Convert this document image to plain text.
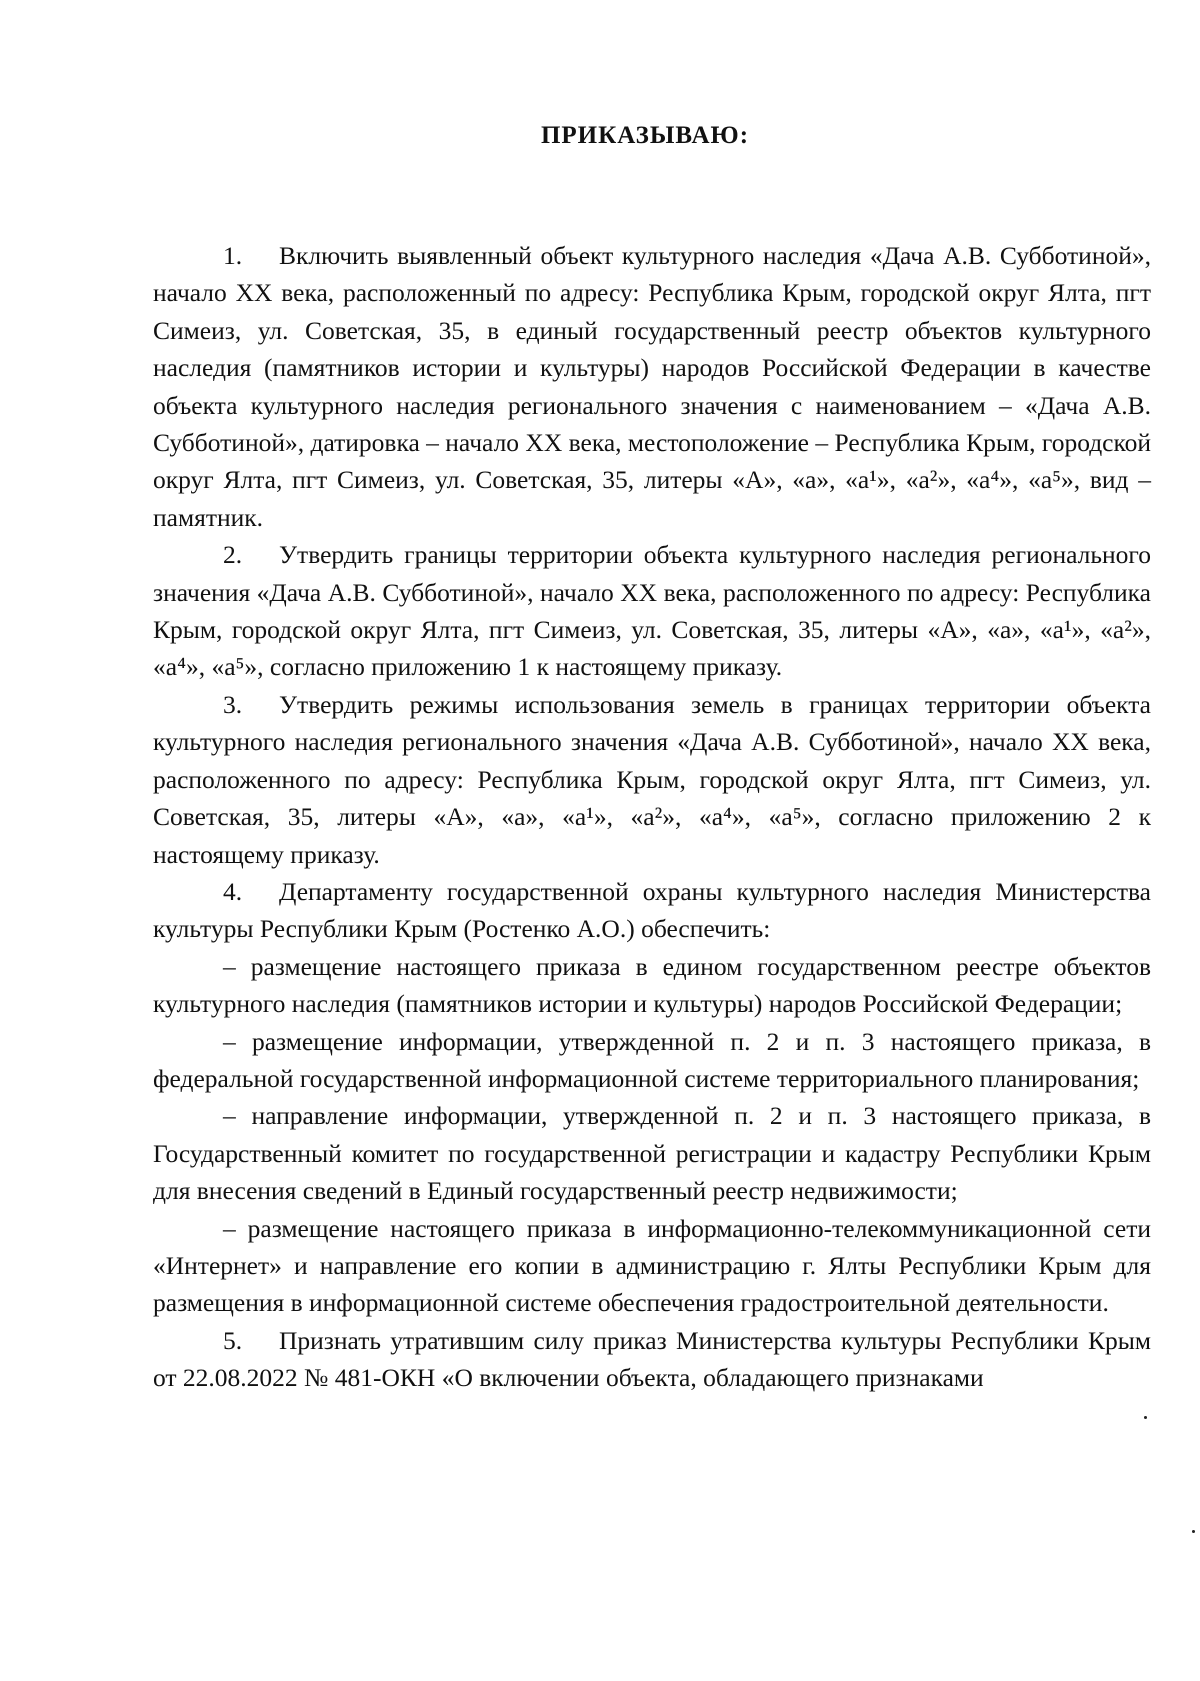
ПРИКАЗЫВАЮ:

1. Включить выявленный объект культурного наследия «Дача А.В. Субботиной», начало XX века, расположенный по адресу: Республика Крым, городской округ Ялта, пгт Симеиз, ул. Советская, 35, в единый государственный реестр объектов культурного наследия (памятников истории и культуры) народов Российской Федерации в качестве объекта культурного наследия регионального значения с наименованием – «Дача А.В. Субботиной», датировка – начало XX века, местоположение – Республика Крым, городской округ Ялта, пгт Симеиз, ул. Советская, 35, литеры «А», «а», «а¹», «а²», «а⁴», «а⁵», вид – памятник.

2. Утвердить границы территории объекта культурного наследия регионального значения «Дача А.В. Субботиной», начало XX века, расположенного по адресу: Республика Крым, городской округ Ялта, пгт Симеиз, ул. Советская, 35, литеры «А», «а», «а¹», «а²», «а⁴», «а⁵», согласно приложению 1 к настоящему приказу.

3. Утвердить режимы использования земель в границах территории объекта культурного наследия регионального значения «Дача А.В. Субботиной», начало XX века, расположенного по адресу: Республика Крым, городской округ Ялта, пгт Симеиз, ул. Советская, 35, литеры «А», «а», «а¹», «а²», «а⁴», «а⁵», согласно приложению 2 к настоящему приказу.

4. Департаменту государственной охраны культурного наследия Министерства культуры Республики Крым (Ростенко А.О.) обеспечить:

– размещение настоящего приказа в едином государственном реестре объектов культурного наследия (памятников истории и культуры) народов Российской Федерации;

– размещение информации, утвержденной п. 2 и п. 3 настоящего приказа, в федеральной государственной информационной системе территориального планирования;

– направление информации, утвержденной п. 2 и п. 3 настоящего приказа, в Государственный комитет по государственной регистрации и кадастру Республики Крым для внесения сведений в Единый государственный реестр недвижимости;

– размещение настоящего приказа в информационно-телекоммуникационной сети «Интернет» и направление его копии в администрацию г. Ялты Республики Крым для размещения в информационной системе обеспечения градостроительной деятельности.

5. Признать утратившим силу приказ Министерства культуры Республики Крым от 22.08.2022 № 481-ОКН «О включении объекта, обладающего признаками
